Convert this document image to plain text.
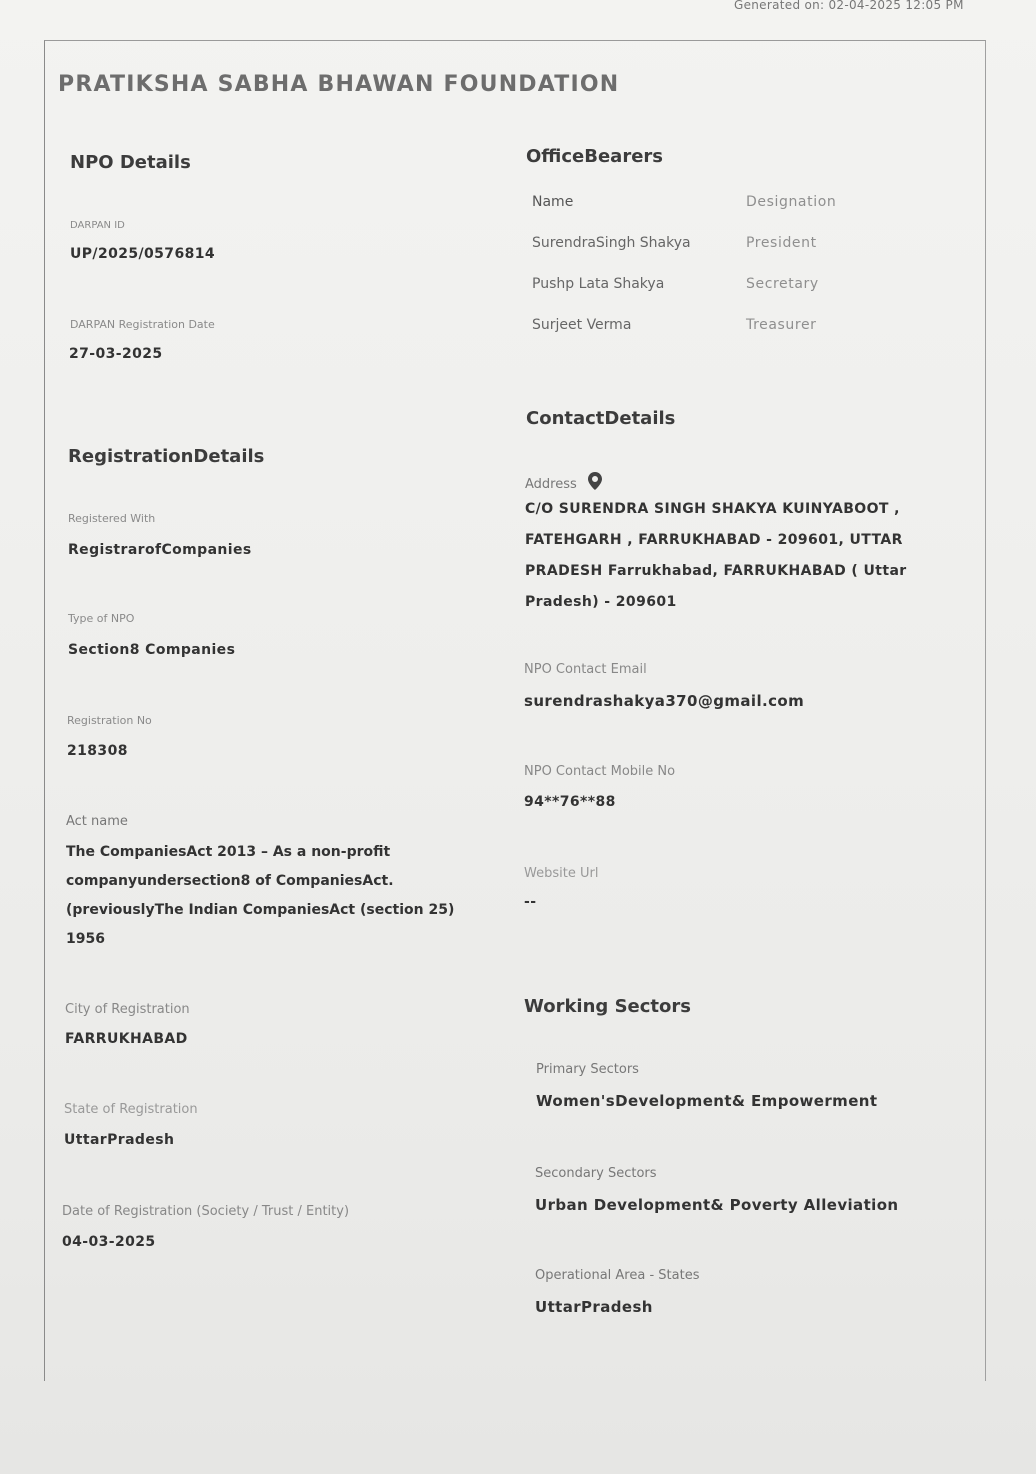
Generated on: 02-04-2025 12:05 PM
PRATIKSHA SABHA BHAWAN FOUNDATION
NPO Details
DARPAN ID
UP/2025/0576814
DARPAN Registration Date
27-03-2025
RegistrationDetails
Registered With
RegistrarofCompanies
Type of NPO
Section8 Companies
Registration No
218308
Act name
The CompaniesAct 2013 – As a non-profit companyundersection8 of CompaniesAct. (previouslyThe Indian CompaniesAct (section 25) 1956
City of Registration
FARRUKHABAD
State of Registration
UttarPradesh
Date of Registration (Society / Trust / Entity)
04-03-2025
OfficeBearers
Name	Designation
SurendraSingh Shakya	President
Pushp Lata Shakya	Secretary
Surjeet Verma	Treasurer
ContactDetails
Address
C/O SURENDRA SINGH SHAKYA KUINYABOOT , FATEHGARH , FARRUKHABAD - 209601, UTTAR PRADESH Farrukhabad, FARRUKHABAD ( Uttar Pradesh) - 209601
NPO Contact Email
surendrashakya370@gmail.com
NPO Contact Mobile No
94**76**88
Website Url
--
Working Sectors
Primary Sectors
Women'sDevelopment& Empowerment
Secondary Sectors
Urban Development& Poverty Alleviation
Operational Area - States
UttarPradesh
